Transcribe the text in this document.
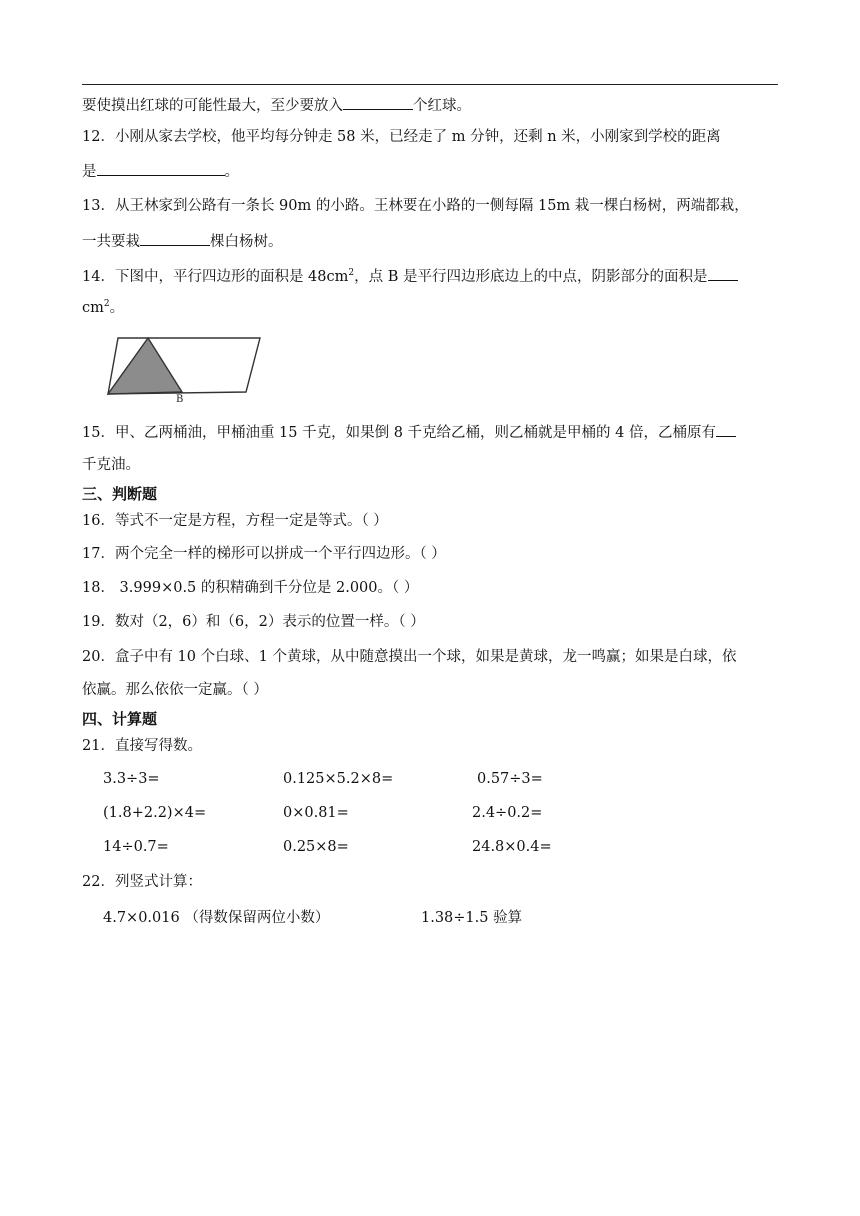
要使摸出红球的可能性最大，至少要放入	个红球。
12．小刚从家去学校，他平均每分钟走 58 米，已经走了 m 分钟，还剩 n 米，小刚家到学校的距离
是	。
13．从王林家到公路有一条长 90m 的小路。王林要在小路的一侧每隔 15m 栽一棵白杨树，两端都栽，
一共要栽	棵白杨树。
14．下图中，平行四边形的面积是 $48cm^2$，点 B 是平行四边形底边上的中点，阴影部分的面积是
$cm^2$。
B
15．甲、乙两桶油，甲桶油重 15 千克，如果倒 8 千克给乙桶，则乙桶就是甲桶的 4 倍，乙桶原有
千克油。
三、判断题
16．等式不一定是方程，方程一定是等式。（ ）
17．两个完全一样的梯形可以拼成一个平行四边形。（ ）
18． 3.999×0.5 的积精确到千分位是 2.000。（ ）
19．数对（2，6）和（6，2）表示的位置一样。（ ）
20．盒子中有 10 个白球、1 个黄球，从中随意摸出一个球，如果是黄球，龙一鸣赢；如果是白球，依
依赢。那么依依一定赢。（ ）
四、计算题
21．直接写得数。
3.3÷3=	0.125×5.2×8=	0.57÷3=
(1.8+2.2)×4=	0×0.81=	2.4÷0.2=
14÷0.7=	0.25×8=	24.8×0.4=
22．列竖式计算：
4.7×0.016 （得数保留两位小数）	1.38÷1.5 验算
